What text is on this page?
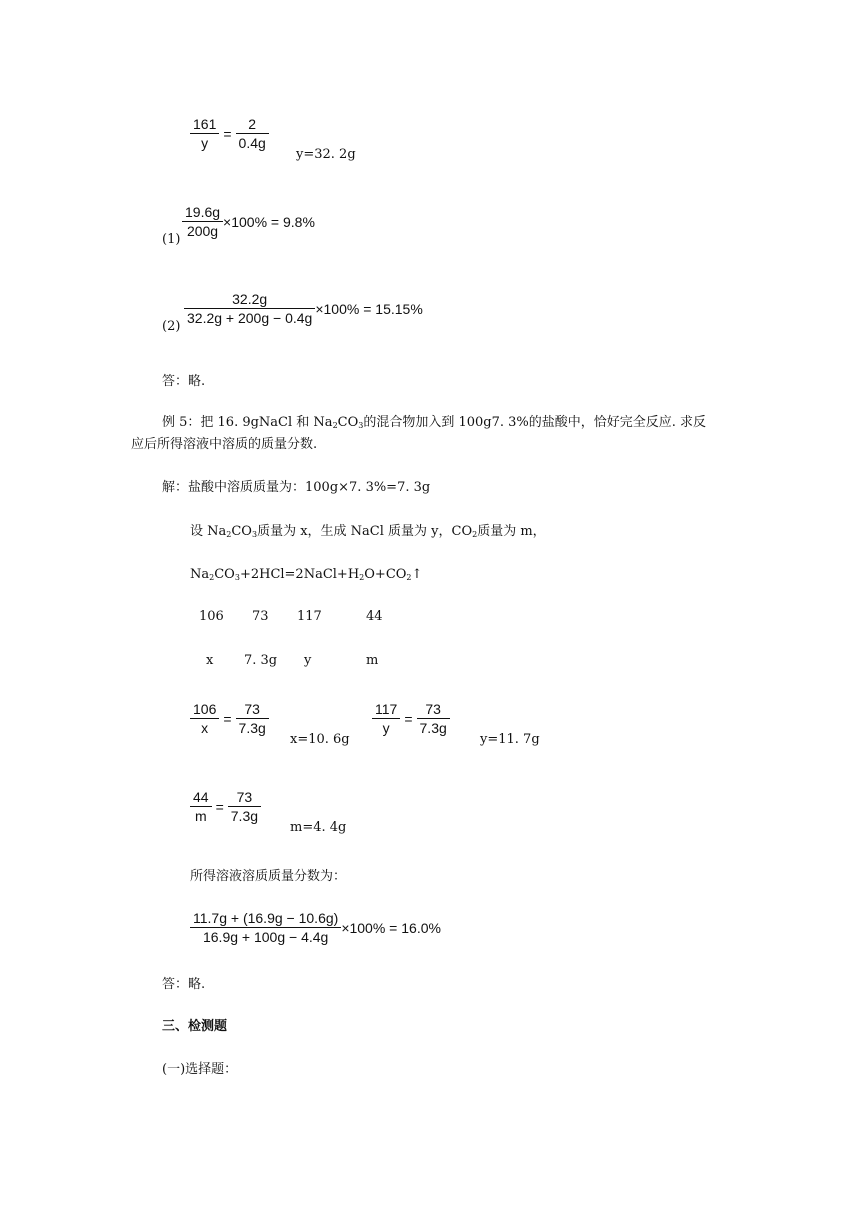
$\frac{161}{y} = \frac{2}{0.4g}$
y=32. 2g
(1)
$\frac{19.6g}{200g} \times 100\% = 9.8\%$
(2)
$\frac{32.2g}{32.2g + 200g - 0.4g} \times 100\% = 15.15\%$
答：略.
例 5：把 16. 9gNaCl 和 $Na_2CO_3$的混合物加入到 100g7. 3%的盐酸中，恰好完全反应. 求反
应后所得溶液中溶质的质量分数.
解：盐酸中溶质质量为：100g×7. 3%=7. 3g
设 $Na_2CO_3$质量为 x，生成 NaCl 质量为 y，$CO_2$质量为 m，
$Na_2CO_3+2HCl=2NaCl+H_2O+CO_2↑$
106 73 117	44
x 7. 3g y	m
$\frac{106}{x} = \frac{73}{7.3g}$
x=10. 6g
$\frac{117}{y} = \frac{73}{7.3g}$
y=11. 7g
$\frac{44}{m} = \frac{73}{7.3g}$
m=4. 4g
所得溶液溶质质量分数为：
$\frac{11.7g + (16.9g - 10.6g)}{16.9g + 100g - 4.4g} \times 100\% = 16.0\%$
答：略.
三、检测题
(一)选择题：
